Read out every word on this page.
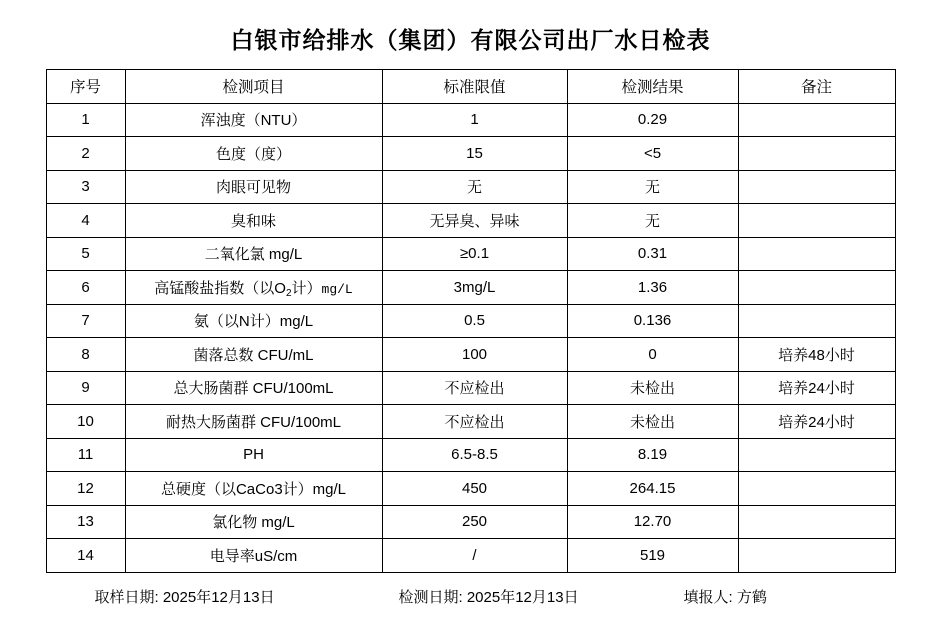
白银市给排水（集团）有限公司出厂水日检表
序号	检测项目	标准限值	检测结果	备注
1	浑浊度（NTU）	1	0.29	
2	色度（度）	15	<5	
3	肉眼可见物	无	无	
4	臭和味	无异臭、异味	无	
5	二氧化氯 mg/L	≥0.1	0.31	
6	高锰酸盐指数（以$O_2$计）mg/L	3mg/L	1.36	
7	氨（以N计）mg/L	0.5	0.136	
8	菌落总数 CFU/mL	100	0	培养48小时
9	总大肠菌群 CFU/100mL	不应检出	未检出	培养24小时
10	耐热大肠菌群 CFU/100mL	不应检出	未检出	培养24小时
11	PH	6.5-8.5	8.19	
12	总硬度（以CaCo3计）mg/L	450	264.15	
13	氯化物 mg/L	250	12.70	
14	电导率uS/cm	/	519	
取样日期: 2025年12月13日	检测日期: 2025年12月13日	填报人: 方鹤
